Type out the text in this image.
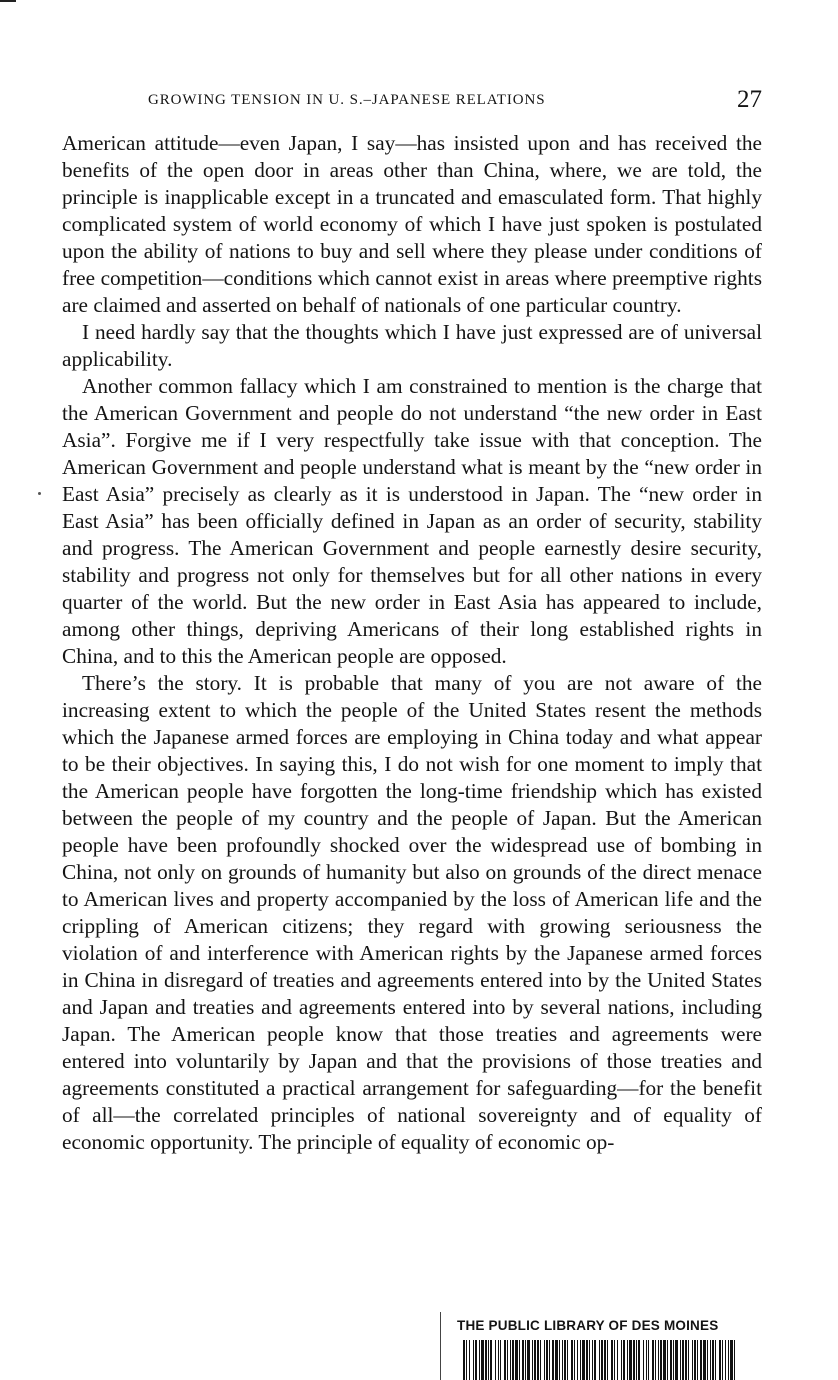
GROWING TENSION IN U. S.–JAPANESE RELATIONS	27

American attitude—even Japan, I say—has insisted upon and has received the benefits of the open door in areas other than China, where, we are told, the principle is inapplicable except in a truncated and emasculated form. That highly complicated system of world economy of which I have just spoken is postulated upon the ability of nations to buy and sell where they please under conditions of free competition—conditions which cannot exist in areas where preemptive rights are claimed and asserted on behalf of nationals of one particular country.

I need hardly say that the thoughts which I have just expressed are of universal applicability.

Another common fallacy which I am constrained to mention is the charge that the American Government and people do not understand “the new order in East Asia”. Forgive me if I very respectfully take issue with that conception. The American Government and people understand what is meant by the “new order in East Asia” precisely as clearly as it is understood in Japan. The “new order in East Asia” has been officially defined in Japan as an order of security, stability and progress. The American Government and people earnestly desire security, stability and progress not only for themselves but for all other nations in every quarter of the world. But the new order in East Asia has appeared to include, among other things, depriving Americans of their long established rights in China, and to this the American people are opposed.

There’s the story. It is probable that many of you are not aware of the increasing extent to which the people of the United States resent the methods which the Japanese armed forces are employing in China today and what appear to be their objectives. In saying this, I do not wish for one moment to imply that the American people have forgotten the long-time friendship which has existed between the people of my country and the people of Japan. But the American people have been profoundly shocked over the widespread use of bombing in China, not only on grounds of humanity but also on grounds of the direct menace to American lives and property accompanied by the loss of American life and the crippling of American citizens; they regard with growing seriousness the violation of and interference with American rights by the Japanese armed forces in China in disregard of treaties and agreements entered into by the United States and Japan and treaties and agreements entered into by several nations, including Japan. The American people know that those treaties and agreements were entered into voluntarily by Japan and that the provisions of those treaties and agreements constituted a practical arrangement for safeguarding—for the benefit of all—the correlated principles of national sovereignty and of equality of economic opportunity. The principle of equality of economic op-

THE PUBLIC LIBRARY OF DES MOINES
